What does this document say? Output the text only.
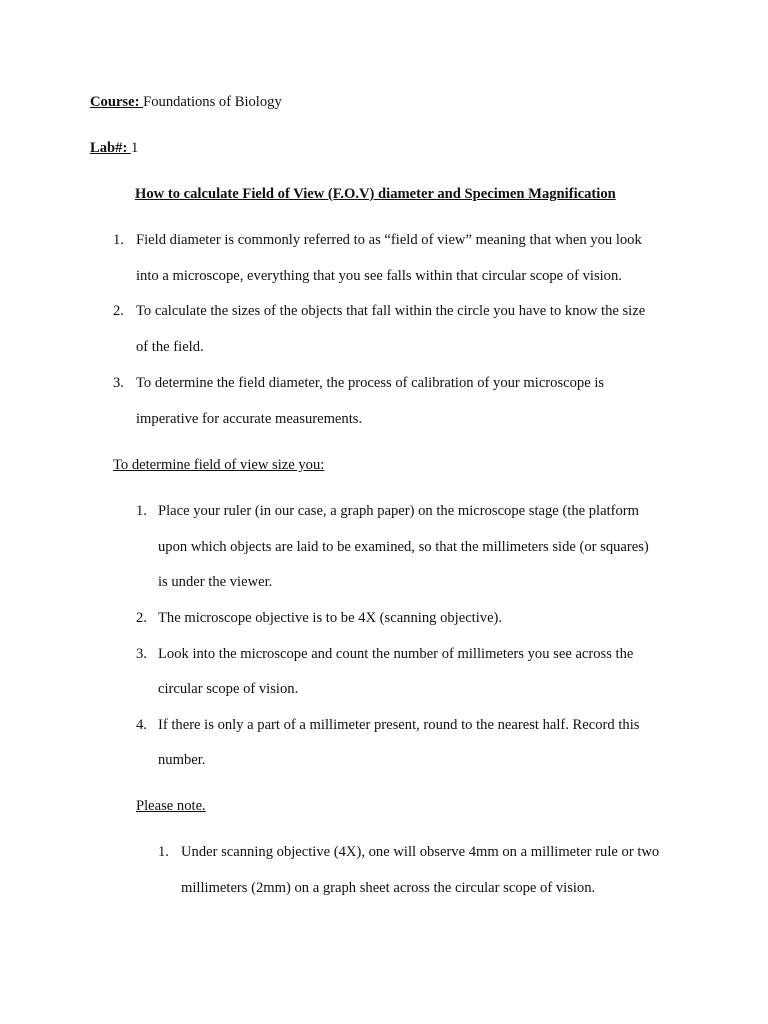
Course: Foundations of Biology
Lab#: 1
How to calculate Field of View (F.O.V) diameter and Specimen Magnification
1. Field diameter is commonly referred to as “field of view” meaning that when you look
into a microscope, everything that you see falls within that circular scope of vision.
2. To calculate the sizes of the objects that fall within the circle you have to know the size
of the field.
3. To determine the field diameter, the process of calibration of your microscope is
imperative for accurate measurements.
To determine field of view size you:
1. Place your ruler (in our case, a graph paper) on the microscope stage (the platform
upon which objects are laid to be examined, so that the millimeters side (or squares)
is under the viewer.
2. The microscope objective is to be 4X (scanning objective).
3. Look into the microscope and count the number of millimeters you see across the
circular scope of vision.
4. If there is only a part of a millimeter present, round to the nearest half. Record this
number.
Please note.
1. Under scanning objective (4X), one will observe 4mm on a millimeter rule or two
millimeters (2mm) on a graph sheet across the circular scope of vision.
